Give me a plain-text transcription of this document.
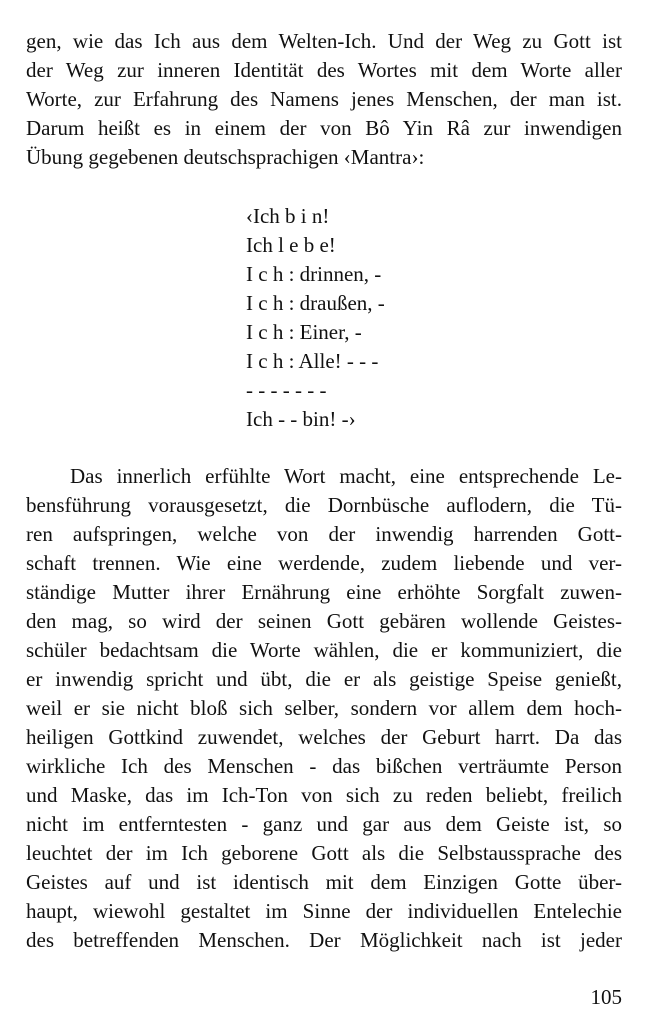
gen, wie das Ich aus dem Welten-Ich. Und der Weg zu Gott ist
der Weg zur inneren Identität des Wortes mit dem Worte aller
Worte, zur Erfahrung des Namens jenes Menschen, der man ist.
Darum heißt es in einem der von Bô Yin Râ zur inwendigen
Übung gegebenen deutschsprachigen ‹Mantra›:
‹Ich b i n!
Ich l e b e!
I c h : drinnen, -
I c h : draußen, -
I c h : Einer, -
I c h : Alle! - - -
- - - - - - -
Ich - - bin! -›
Das innerlich erfühlte Wort macht, eine entsprechende Le-
bensführung vorausgesetzt, die Dornbüsche auflodern, die Tü-
ren aufspringen, welche von der inwendig harrenden Gott-
schaft trennen. Wie eine werdende, zudem liebende und ver-
ständige Mutter ihrer Ernährung eine erhöhte Sorgfalt zuwen-
den mag, so wird der seinen Gott gebären wollende Geistes-
schüler bedachtsam die Worte wählen, die er kommuniziert, die
er inwendig spricht und übt, die er als geistige Speise genießt,
weil er sie nicht bloß sich selber, sondern vor allem dem hoch-
heiligen Gottkind zuwendet, welches der Geburt harrt. Da das
wirkliche Ich des Menschen - das bißchen verträumte Person
und Maske, das im Ich-Ton von sich zu reden beliebt, freilich
nicht im entferntesten - ganz und gar aus dem Geiste ist, so
leuchtet der im Ich geborene Gott als die Selbstaussprache des
Geistes auf und ist identisch mit dem Einzigen Gotte über-
haupt, wiewohl gestaltet im Sinne der individuellen Entelechie
des betreffenden Menschen. Der Möglichkeit nach ist jeder
105
